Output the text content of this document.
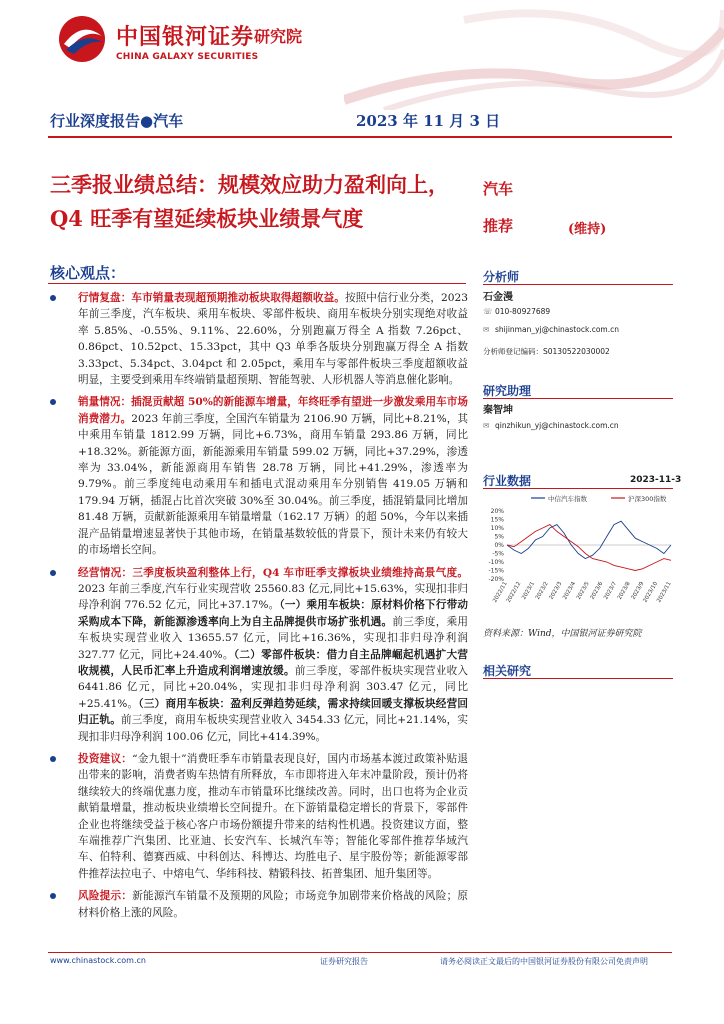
中国银河证券 研究院
CHINA GALAXY SECURITIES
行业深度报告●汽车	2023 年 11 月 3 日
三季报业绩总结：规模效应助力盈利向上，Q4 旺季有望延续板块业绩景气度
汽车
推荐	(维持)
核心观点：
行情复盘：车市销量表现超预期推动板块取得超额收益。按照中信行业分类，2023 年前三季度，汽车板块、乘用车板块、零部件板块、商用车板块分别实现绝对收益率 5.85%、-0.55%、9.11%、22.60%，分别跑赢万得全 A 指数 7.26pct、0.86pct、10.52pct、15.33pct，其中 Q3 单季各版块分别跑赢万得全 A 指数 3.33pct、5.34pct、3.04pct 和 2.05pct，乘用车与零部件板块三季度超额收益明显，主要受到乘用车终端销量超预期、智能驾驶、人形机器人等消息催化影响。
销量情况：插混贡献超 50%的新能源车增量，年终旺季有望进一步激发乘用车市场消费潜力。2023 年前三季度，全国汽车销量为 2106.90 万辆，同比+8.21%，其中乘用车销量 1812.99 万辆，同比+6.73%，商用车销量 293.86 万辆，同比+18.32%。新能源方面，新能源乘用车销量 599.02 万辆，同比+37.29%，渗透率为 33.04%，新能源商用车销售 28.78 万辆，同比+41.29%，渗透率为 9.79%。前三季度纯电动乘用车和插电式混动乘用车分别销售 419.05 万辆和 179.94 万辆，插混占比首次突破 30%至 30.04%。前三季度，插混销量同比增加 81.48 万辆，贡献新能源乘用车销量增量（162.17 万辆）的超 50%，今年以来插混产品销量增速显著快于其他市场，在销量基数较低的背景下，预计未来仍有较大的市场增长空间。
经营情况：三季度板块盈利整体上行，Q4 车市旺季支撑板块业绩维持高景气度。2023 年前三季度,汽车行业实现营收 25560.83 亿元,同比+15.63%，实现扣非归母净利润 776.52 亿元，同比+37.17%。（一）乘用车板块：原材料价格下行带动采购成本下降，新能源渗透率向上为自主品牌提供市场扩张机遇。前三季度，乘用车板块实现营业收入 13655.57 亿元，同比+16.36%，实现扣非归母净利润 327.77 亿元，同比+24.40%。（二）零部件板块：借力自主品牌崛起机遇扩大营收规模，人民币汇率上升造成利润增速放缓。前三季度，零部件板块实现营业收入 6441.86 亿元，同比+20.04%，实现扣非归母净利润 303.47 亿元，同比+25.41%。（三）商用车板块：盈利反弹趋势延续，需求持续回暖支撑板块经营回归正轨。前三季度，商用车板块实现营业收入 3454.33 亿元，同比+21.14%，实现扣非归母净利润 100.06 亿元，同比+414.39%。
投资建议：“金九银十”消费旺季车市销量表现良好，国内市场基本渡过政策补贴退出带来的影响，消费者购车热情有所释放，车市即将进入年末冲量阶段，预计仍将继续较大的终端优惠力度，推动车市销量环比继续改善。同时，出口也将为企业贡献销量增量，推动板块业绩增长空间提升。在下游销量稳定增长的背景下，零部件企业也将继续受益于核心客户市场份额提升带来的结构性机遇。投资建议方面，整车端推荐广汽集团、比亚迪、长安汽车、长城汽车等；智能化零部件推荐华域汽车、伯特利、德赛西威、中科创达、科博达、均胜电子、星宇股份等；新能源零部件推荐法拉电子、中熔电气、华纬科技、精锻科技、拓普集团、旭升集团等。
风险提示：新能源汽车销量不及预期的风险；市场竞争加剧带来价格战的风险；原材料价格上涨的风险。
分析师
石金漫
☏ 010-80927689
✉ shijinman_yj@chinastock.com.cn
分析师登记编码：S0130522030002
研究助理
秦智坤
✉ qinzhikun_yj@chinastock.com.cn
行业数据	2023-11-3
中信汽车指数	沪深300指数
20%
15%
10%
5%
0%
-5%
-10%
-15%
-20%
2022/11
2022/12
2023/1
2023/2
2023/3
2023/4
2023/5
2023/6
2023/7
2023/8
2023/9
2023/10
2023/11
资料来源：Wind，中国银河证券研究院
相关研究
www.chinastock.com.cn	证券研究报告	请务必阅读正文最后的中国银河证券股份有限公司免责声明
